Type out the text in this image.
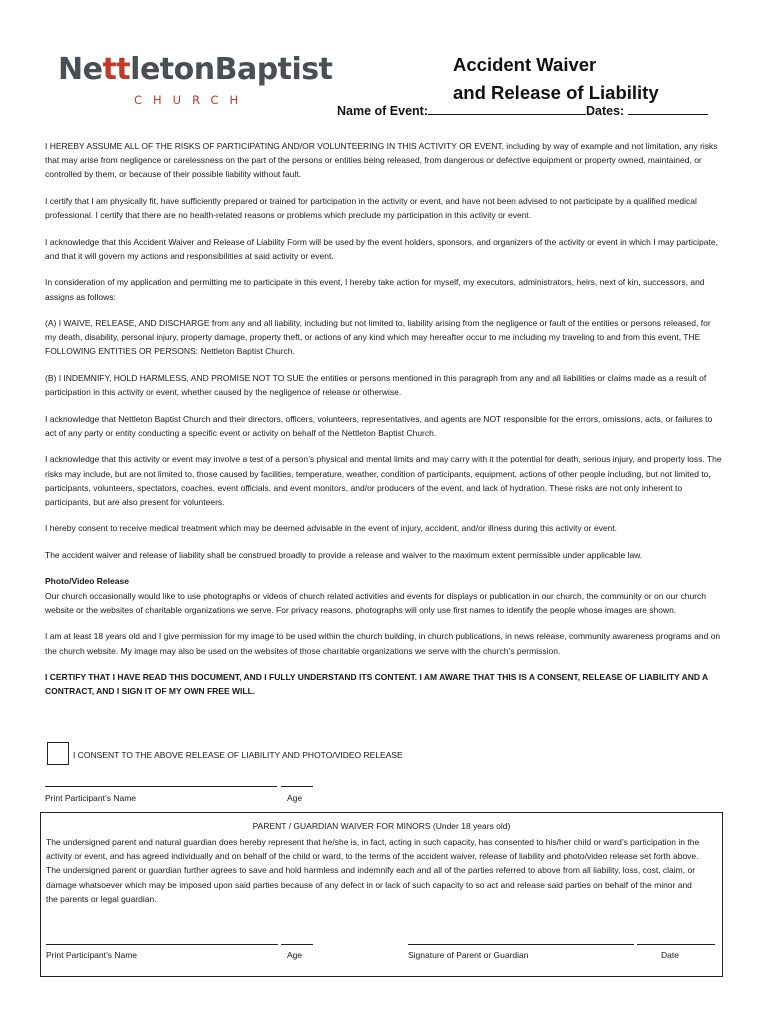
NettletonBaptist
CHURCH
Accident Waiver
and Release of Liability
Name of Event:	Dates:

I HEREBY ASSUME ALL OF THE RISKS OF PARTICIPATING AND/OR VOLUNTEERING IN THIS ACTIVITY OR EVENT, including by way of example and not limitation, any risks that may arise from negligence or carelessness on the part of the persons or entities being released, from dangerous or defective equipment or property owned, maintained, or controlled by them, or because of their possible liability without fault.

I certify that I am physically fit, have sufficiently prepared or trained for participation in the activity or event, and have not been advised to not participate by a qualified medical professional. I certify that there are no health-related reasons or problems which preclude my participation in this activity or event.

I acknowledge that this Accident Waiver and Release of Liability Form will be used by the event holders, sponsors, and organizers of the activity or event in which I may participate, and that it will govern my actions and responsibilities at said activity or event.

In consideration of my application and permitting me to participate in this event, I hereby take action for myself, my executors, administrators, heirs, next of kin, successors, and assigns as follows:

(A) I WAIVE, RELEASE, AND DISCHARGE from any and all liability, including but not limited to, liability arising from the negligence or fault of the entities or persons released, for my death, disability, personal injury, property damage, property theft, or actions of any kind which may hereafter occur to me including my traveling to and from this event, THE FOLLOWING ENTITIES OR PERSONS: Nettleton Baptist Church.

(B) I INDEMNIFY, HOLD HARMLESS, AND PROMISE NOT TO SUE the entities or persons mentioned in this paragraph from any and all liabilities or claims made as a result of participation in this activity or event, whether caused by the negligence of release or otherwise.

I acknowledge that Nettleton Baptist Church and their directors, officers, volunteers, representatives, and agents are NOT responsible for the errors, omissions, acts, or failures to act of any party or entity conducting a specific event or activity on behalf of the Nettleton Baptist Church.

I acknowledge that this activity or event may involve a test of a person’s physical and mental limits and may carry with it the potential for death, serious injury, and property loss. The risks may include, but are not limited to, those caused by facilities, temperature, weather, condition of participants, equipment, actions of other people including, but not limited to, participants, volunteers, spectators, coaches, event officials, and event monitors, and/or producers of the event, and lack of hydration. These risks are not only inherent to participants, but are also present for volunteers.

I hereby consent to receive medical treatment which may be deemed advisable in the event of injury, accident, and/or illness during this activity or event.

The accident waiver and release of liability shall be construed broadly to provide a release and waiver to the maximum extent permissible under applicable law.

Photo/Video Release

Our church occasionally would like to use photographs or videos of church related activities and events for displays or publication in our church, the community or on our church website or the websites of charitable organizations we serve. For privacy reasons, photographs will only use first names to identify the people whose images are shown.

I am at least 18 years old and I give permission for my image to be used within the church building, in church publications, in news release, community awareness programs and on the church website. My image may also be used on the websites of those charitable organizations we serve with the church’s permission.

I CERTIFY THAT I HAVE READ THIS DOCUMENT, AND I FULLY UNDERSTAND ITS CONTENT. I AM AWARE THAT THIS IS A CONSENT, RELEASE OF LIABILITY AND A CONTRACT, AND I SIGN IT OF MY OWN FREE WILL.

I CONSENT TO THE ABOVE RELEASE OF LIABILITY AND PHOTO/VIDEO RELEASE
Print Participant’s Name	Age
PARENT / GUARDIAN WAIVER FOR MINORS (Under 18 years old)
The undersigned parent and natural guardian does hereby represent that he/she is, in fact, acting in such capacity, has consented to his/her child or ward’s participation in the activity or event, and has agreed individually and on behalf of the child or ward, to the terms of the accident waiver, release of liability and photo/video release set forth above. The undersigned parent or guardian further agrees to save and hold harmless and indemnify each and all of the parties referred to above from all liability, loss, cost, claim, or damage whatsoever which may be imposed upon said parties because of any defect in or lack of such capacity to so act and release said parties on behalf of the minor and the parents or legal guardian.
Print Participant’s Name	Age	Signature of Parent or Guardian	Date
